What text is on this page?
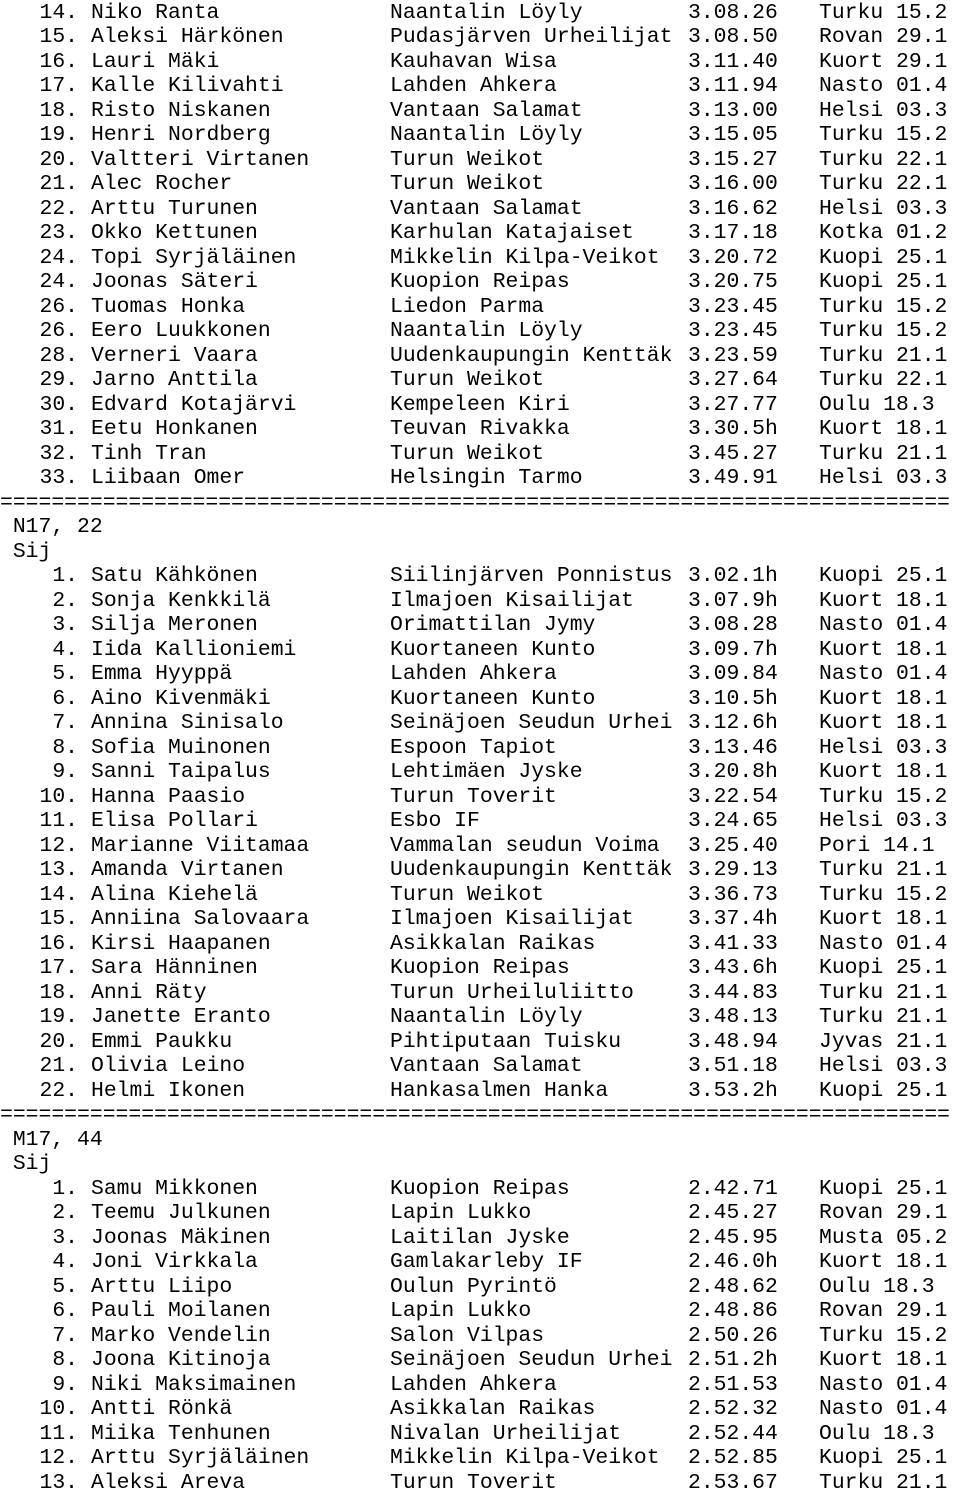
14. Niko Ranta	Naantalin Löyly	3.08.26 Turku 15.2
15. Aleksi Härkönen	Pudasjärven Urheilijat 3.08.50 Rovan 29.1
16. Lauri Mäki	Kauhavan Wisa	3.11.40 Kuort 29.1
17. Kalle Kilivahti	Lahden Ahkera	3.11.94 Nasto 01.4
18. Risto Niskanen	Vantaan Salamat	3.13.00 Helsi 03.3
19. Henri Nordberg	Naantalin Löyly	3.15.05 Turku 15.2
20. Valtteri Virtanen	Turun Weikot	3.15.27 Turku 22.1
21. Alec Rocher	Turun Weikot	3.16.00 Turku 22.1
22. Arttu Turunen	Vantaan Salamat	3.16.62 Helsi 03.3
23. Okko Kettunen	Karhulan Katajaiset	3.17.18 Kotka 01.2
24. Topi Syrjäläinen	Mikkelin Kilpa-Veikot 3.20.72 Kuopi 25.1
24. Joonas Säteri	Kuopion Reipas	3.20.75 Kuopi 25.1
26. Tuomas Honka	Liedon Parma	3.23.45 Turku 15.2
26. Eero Luukkonen	Naantalin Löyly	3.23.45 Turku 15.2
28. Verneri Vaara	Uudenkaupungin Kenttäk 3.23.59 Turku 21.1
29. Jarno Anttila	Turun Weikot	3.27.64 Turku 22.1
30. Edvard Kotajärvi	Kempeleen Kiri	3.27.77 Oulu 18.3
31. Eetu Honkanen	Teuvan Rivakka	3.30.5h Kuort 18.1
32. Tinh Tran	Turun Weikot	3.45.27 Turku 21.1
33. Liibaan Omer	Helsingin Tarmo	3.49.91 Helsi 03.3
==========================================================================
N17, 22
Sij
1. Satu Kähkönen	Siilinjärven Ponnistus 3.02.1h Kuopi 25.1
2. Sonja Kenkkilä	Ilmajoen Kisailijat	3.07.9h Kuort 18.1
3. Silja Meronen	Orimattilan Jymy	3.08.28 Nasto 01.4
4. Iida Kallioniemi	Kuortaneen Kunto	3.09.7h Kuort 18.1
5. Emma Hyyppä	Lahden Ahkera	3.09.84 Nasto 01.4
6. Aino Kivenmäki	Kuortaneen Kunto	3.10.5h Kuort 18.1
7. Annina Sinisalo	Seinäjoen Seudun Urhei 3.12.6h Kuort 18.1
8. Sofia Muinonen	Espoon Tapiot	3.13.46 Helsi 03.3
9. Sanni Taipalus	Lehtimäen Jyske	3.20.8h Kuort 18.1
10. Hanna Paasio	Turun Toverit	3.22.54 Turku 15.2
11. Elisa Pollari	Esbo IF	3.24.65 Helsi 03.3
12. Marianne Viitamaa	Vammalan seudun Voima 3.25.40 Pori 14.1
13. Amanda Virtanen	Uudenkaupungin Kenttäk 3.29.13 Turku 21.1
14. Alina Kiehelä	Turun Weikot	3.36.73 Turku 15.2
15. Anniina Salovaara	Ilmajoen Kisailijat	3.37.4h Kuort 18.1
16. Kirsi Haapanen	Asikkalan Raikas	3.41.33 Nasto 01.4
17. Sara Hänninen	Kuopion Reipas	3.43.6h Kuopi 25.1
18. Anni Räty	Turun Urheiluliitto	3.44.83 Turku 21.1
19. Janette Eranto	Naantalin Löyly	3.48.13 Turku 21.1
20. Emmi Paukku	Pihtiputaan Tuisku	3.48.94 Jyvas 21.1
21. Olivia Leino	Vantaan Salamat	3.51.18 Helsi 03.3
22. Helmi Ikonen	Hankasalmen Hanka	3.53.2h Kuopi 25.1
==========================================================================
M17, 44
Sij
1. Samu Mikkonen	Kuopion Reipas	2.42.71 Kuopi 25.1
2. Teemu Julkunen	Lapin Lukko	2.45.27 Rovan 29.1
3. Joonas Mäkinen	Laitilan Jyske	2.45.95 Musta 05.2
4. Joni Virkkala	Gamlakarleby IF	2.46.0h Kuort 18.1
5. Arttu Liipo	Oulun Pyrintö	2.48.62 Oulu 18.3
6. Pauli Moilanen	Lapin Lukko	2.48.86 Rovan 29.1
7. Marko Vendelin	Salon Vilpas	2.50.26 Turku 15.2
8. Joona Kitinoja	Seinäjoen Seudun Urhei 2.51.2h Kuort 18.1
9. Niki Maksimainen	Lahden Ahkera	2.51.53 Nasto 01.4
10. Antti Rönkä	Asikkalan Raikas	2.52.32 Nasto 01.4
11. Miika Tenhunen	Nivalan Urheilijat	2.52.44 Oulu 18.3
12. Arttu Syrjäläinen	Mikkelin Kilpa-Veikot 2.52.85 Kuopi 25.1
13. Aleksi Areva	Turun Toverit	2.53.67 Turku 21.1
